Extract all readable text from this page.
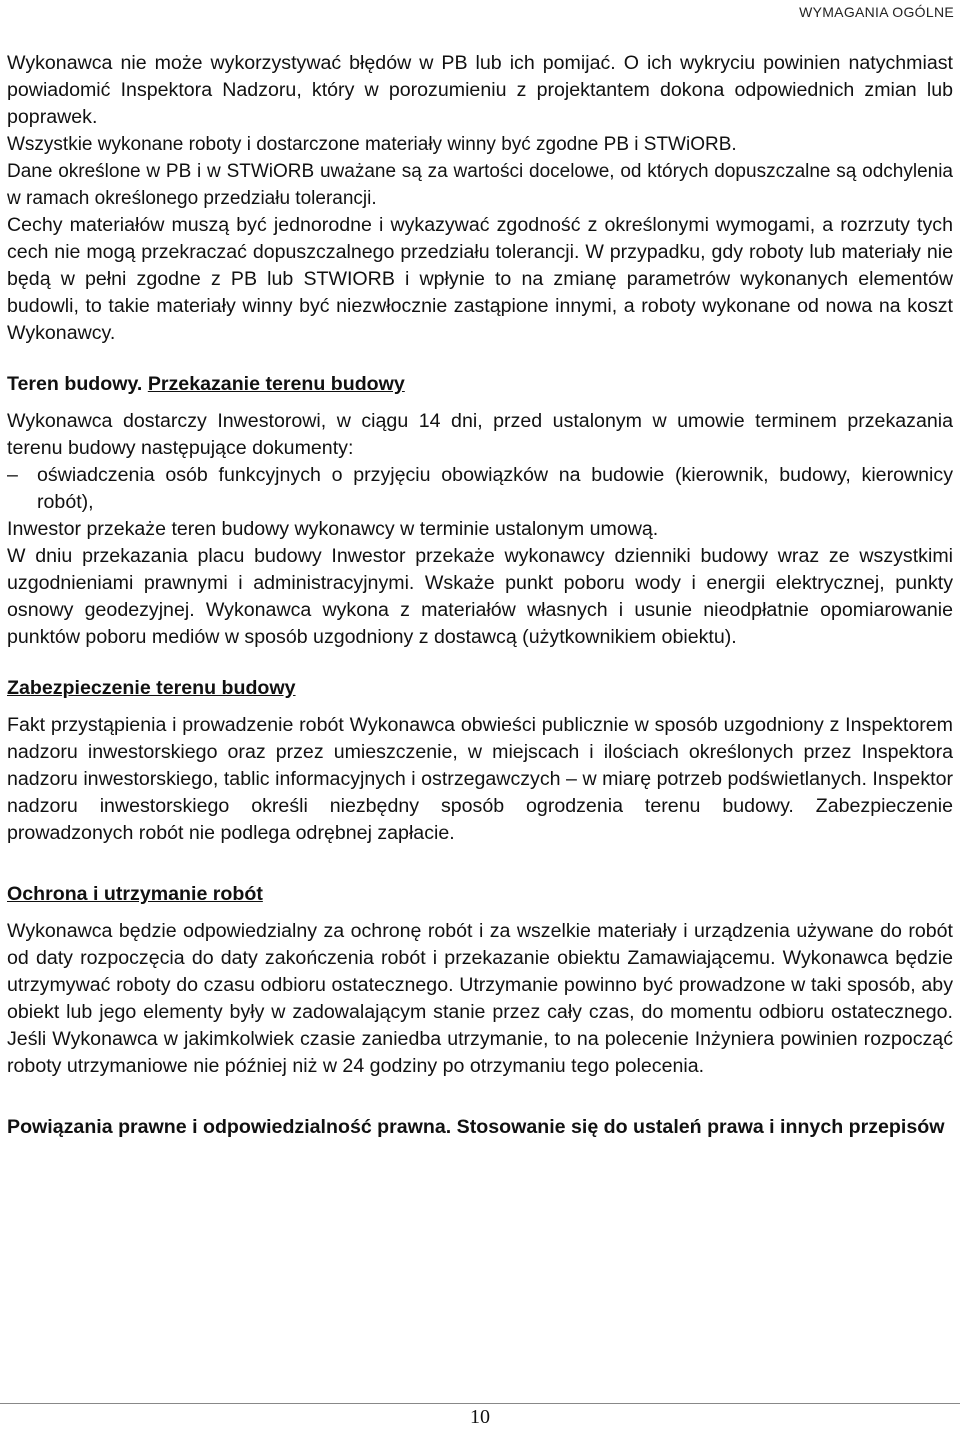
WYMAGANIA OGÓLNE

Wykonawca nie może wykorzystywać błędów w PB lub ich pomijać. O ich wykryciu powinien natychmiast powiadomić Inspektora Nadzoru, który w porozumieniu z projektantem dokona odpowiednich zmian lub poprawek.

Wszystkie wykonane roboty i dostarczone materiały winny być zgodne PB i STWiORB.

Dane określone w PB i w STWiORB uważane są za wartości docelowe, od których dopuszczalne są odchylenia w ramach określonego przedziału tolerancji.

Cechy materiałów muszą być jednorodne i wykazywać zgodność z określonymi wymogami, a rozrzuty tych cech nie mogą przekraczać dopuszczalnego przedziału tolerancji. W przypadku, gdy roboty lub materiały nie będą w pełni zgodne z PB lub STWIORB i wpłynie to na zmianę parametrów wykonanych elementów budowli, to takie materiały winny być niezwłocznie zastąpione innymi, a roboty wykonane od nowa na koszt Wykonawcy.

Teren budowy. Przekazanie terenu budowy

Wykonawca dostarczy Inwestorowi, w ciągu 14 dni, przed ustalonym w umowie terminem przekazania terenu budowy następujące dokumenty:

– oświadczenia osób funkcyjnych o przyjęciu obowiązków na budowie (kierownik, budowy, kierownicy robót),

Inwestor przekaże teren budowy wykonawcy w terminie ustalonym umową.

W dniu przekazania placu budowy Inwestor przekaże wykonawcy dzienniki budowy wraz ze wszystkimi uzgodnieniami prawnymi i administracyjnymi. Wskaże punkt poboru wody i energii elektrycznej, punkty osnowy geodezyjnej. Wykonawca wykona z materiałów własnych i usunie nieodpłatnie opomiarowanie punktów poboru mediów w sposób uzgodniony z dostawcą (użytkownikiem obiektu).

Zabezpieczenie terenu budowy

Fakt przystąpienia i prowadzenie robót Wykonawca obwieści publicznie w sposób uzgodniony z Inspektorem nadzoru inwestorskiego oraz przez umieszczenie, w miejscach i ilościach określonych przez Inspektora nadzoru inwestorskiego, tablic informacyjnych i ostrzegawczych – w miarę potrzeb podświetlanych. Inspektor nadzoru inwestorskiego określi niezbędny sposób ogrodzenia terenu budowy. Zabezpieczenie prowadzonych robót nie podlega odrębnej zapłacie.

Ochrona i utrzymanie robót

Wykonawca będzie odpowiedzialny za ochronę robót i za wszelkie materiały i urządzenia używane do robót od daty rozpoczęcia do daty zakończenia robót i przekazanie obiektu Zamawiającemu. Wykonawca będzie utrzymywać roboty do czasu odbioru ostatecznego. Utrzymanie powinno być prowadzone w taki sposób, aby obiekt lub jego elementy były w zadowalającym stanie przez cały czas, do momentu odbioru ostatecznego. Jeśli Wykonawca w jakimkolwiek czasie zaniedba utrzymanie, to na polecenie Inżyniera powinien rozpocząć roboty utrzymaniowe nie później niż w 24 godziny po otrzymaniu tego polecenia.

Powiązania prawne i odpowiedzialność prawna. Stosowanie się do ustaleń prawa i innych przepisów
10
